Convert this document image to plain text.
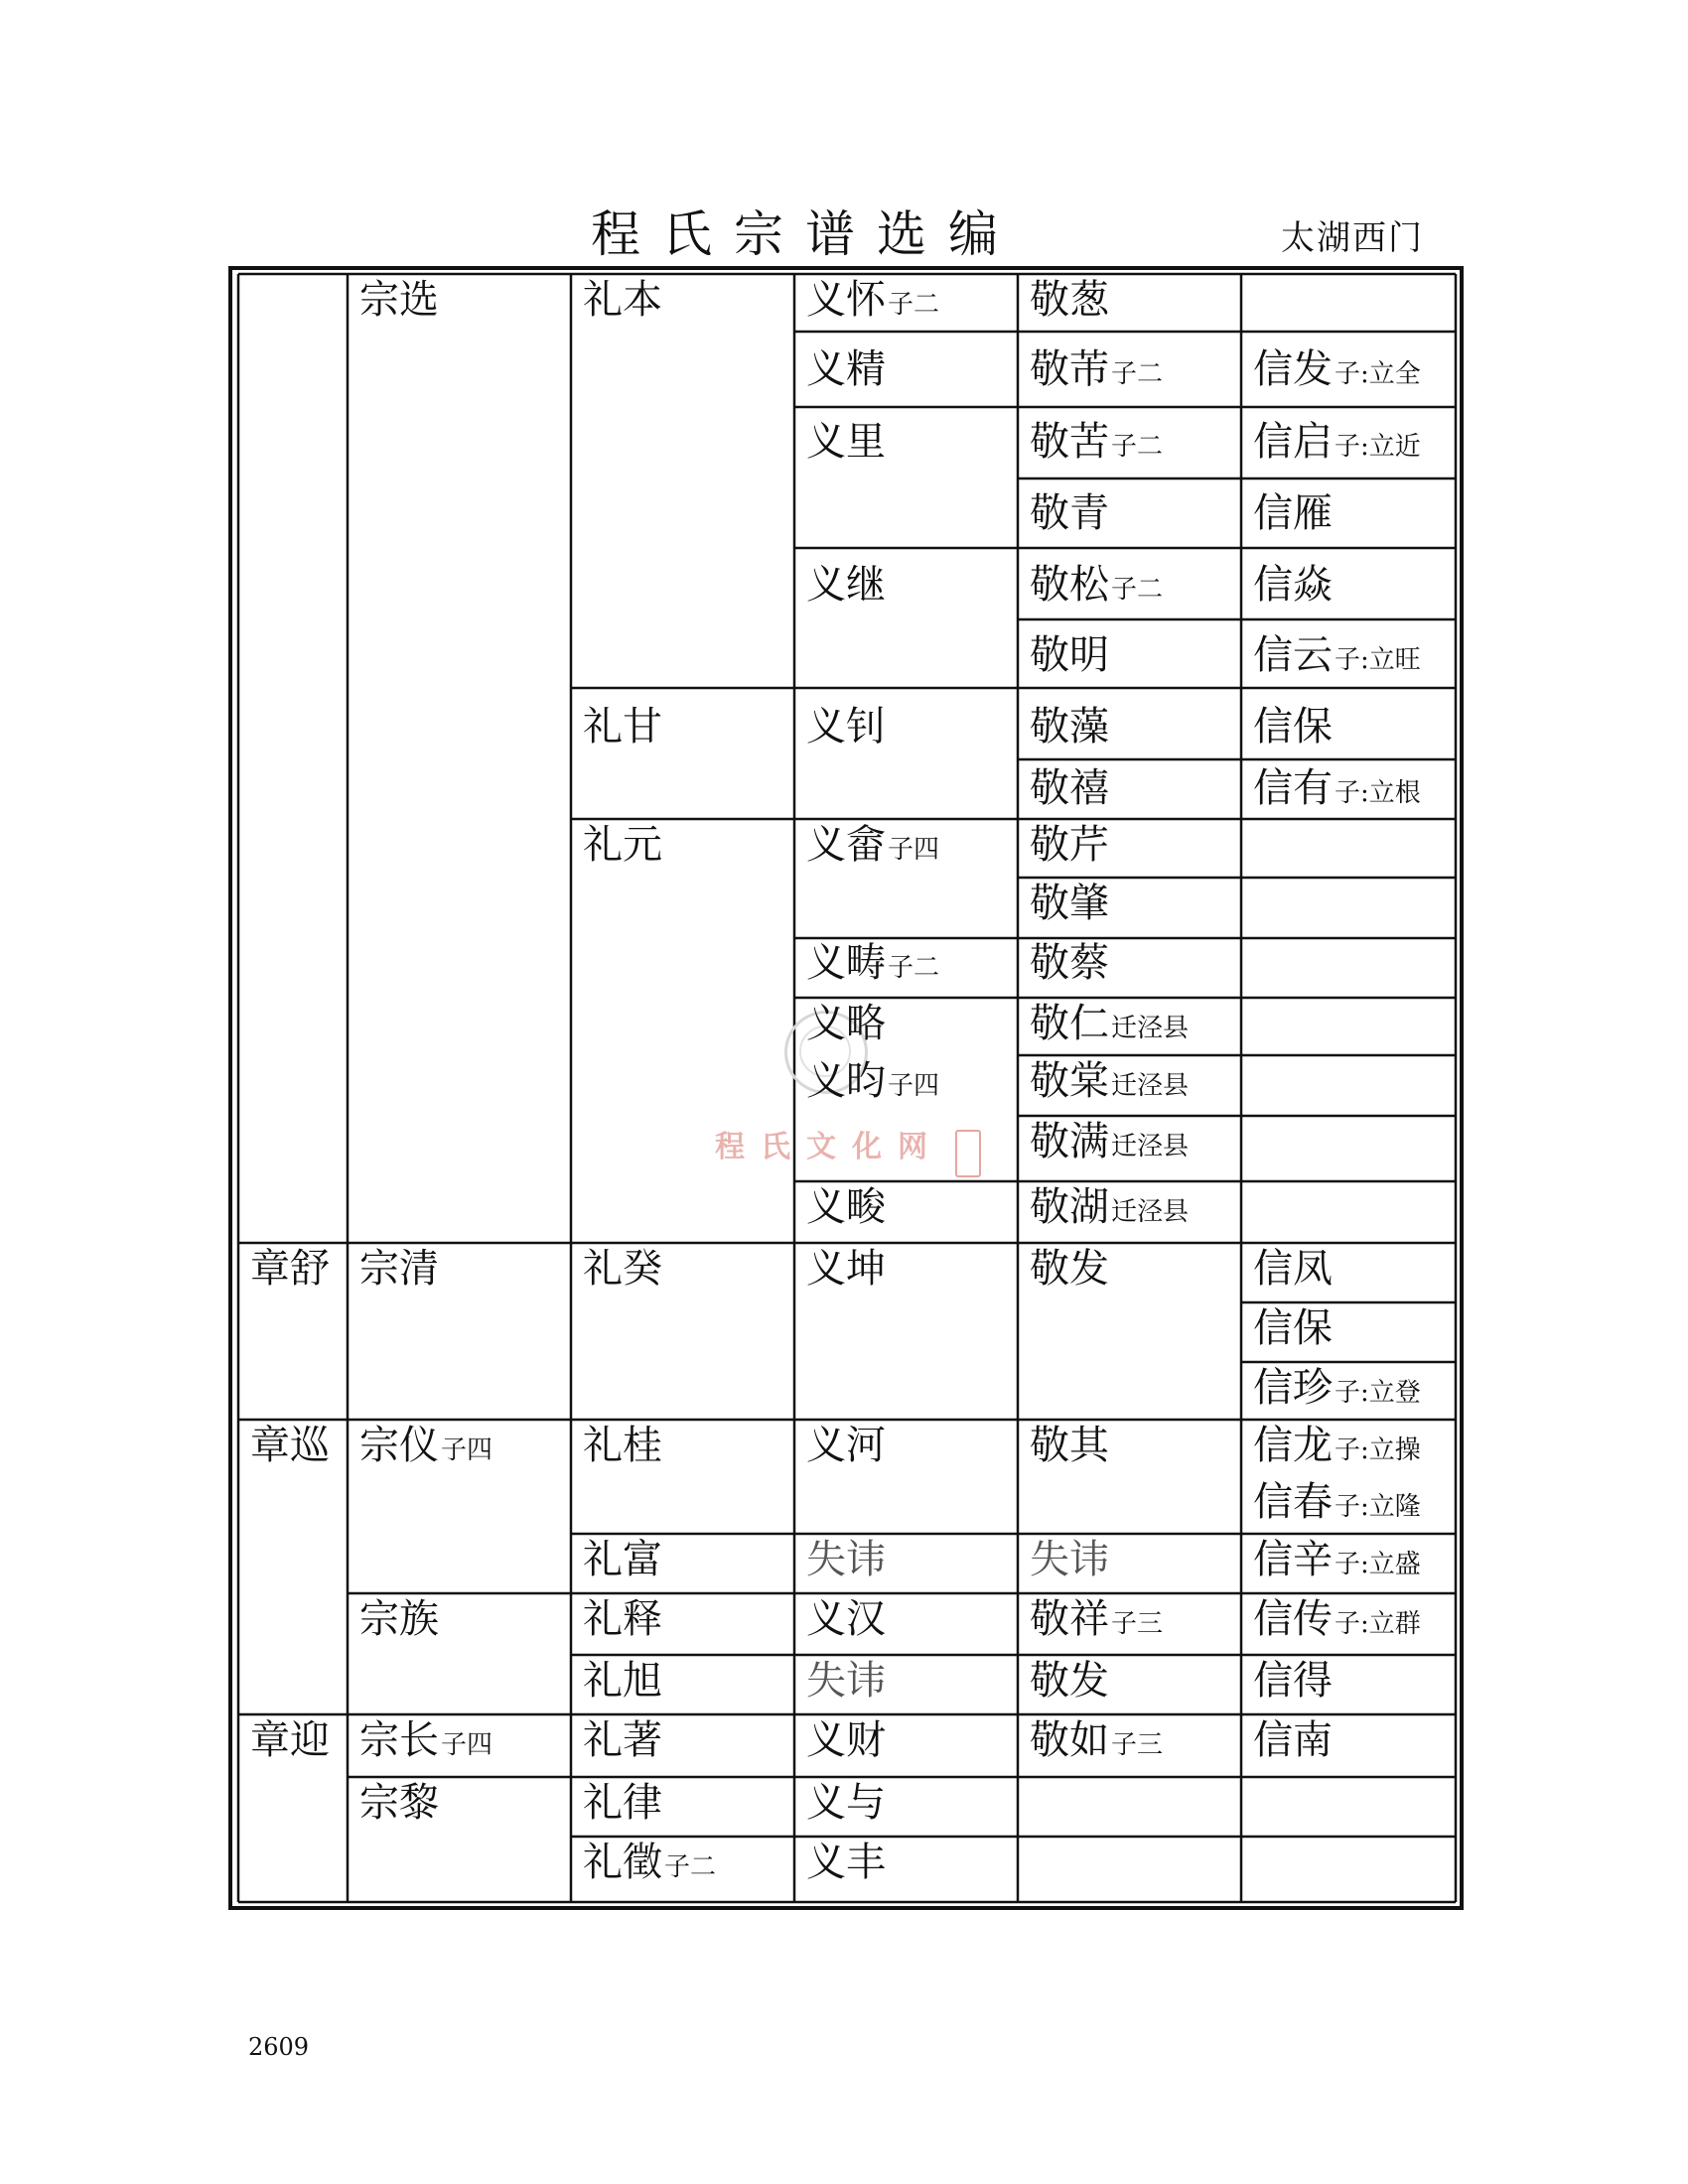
程氏宗谱选编	太湖西门
程氏文化网
章舒
章巡
章迎
宗选
宗清
宗仪子四
宗族
宗长子四
宗黎
礼本
礼甘
礼元
礼癸
礼桂
礼富
礼释
礼旭
礼著
礼律
礼徵子二
义怀子二
义精
义里
义继
义钊
义畲子四
义畴子二
义略
义昀子四
义畯
义坤
义河
失讳
义汉
失讳
义财
义与
义丰
敬葱
敬芾子二
敬苦子二
敬青
敬松子二
敬明
敬藻
敬禧
敬芹
敬肇
敬蔡
敬仁迁泾县
敬棠迁泾县
敬满迁泾县
敬湖迁泾县
敬发
敬其
失讳
敬祥子三
敬发
敬如子三
信发子:立全
信启子:立近
信雁
信焱
信云子:立旺
信保
信有子:立根
信凤
信保
信珍子:立登
信龙子:立操
信春子:立隆
信辛子:立盛
信传子:立群
信得
信南
2609
